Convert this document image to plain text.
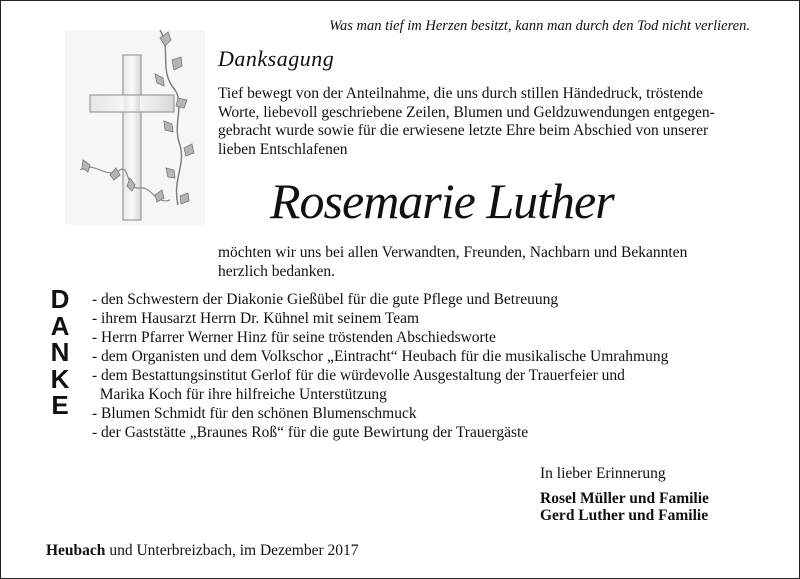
Was man tief im Herzen besitzt, kann man durch den Tod nicht verlieren.
Danksagung
Tief bewegt von der Anteilnahme, die uns durch stillen Händedruck, tröstende
Worte, liebevoll geschriebene Zeilen, Blumen und Geldzuwendungen entgegen-
gebracht wurde sowie für die erwiesene letzte Ehre beim Abschied von unserer
lieben Entschlafenen
Rosemarie Luther
möchten wir uns bei allen Verwandten, Freunden, Nachbarn und Bekannten
herzlich bedanken.
D
A
N
K
E
- den Schwestern der Diakonie Gießübel für die gute Pflege und Betreuung
- ihrem Hausarzt Herrn Dr. Kühnel mit seinem Team
- Herrn Pfarrer Werner Hinz für seine tröstenden Abschiedsworte
- dem Organisten und dem Volkschor „Eintracht“ Heubach für die musikalische Umrahmung
- dem Bestattungsinstitut Gerlof für die würdevolle Ausgestaltung der Trauerfeier und
Marika Koch für ihre hilfreiche Unterstützung
- Blumen Schmidt für den schönen Blumenschmuck
- der Gaststätte „Braunes Roß“ für die gute Bewirtung der Trauergäste
In lieber Erinnerung
Rosel Müller und Familie
Gerd Luther und Familie
Heubach und Unterbreizbach, im Dezember 2017
